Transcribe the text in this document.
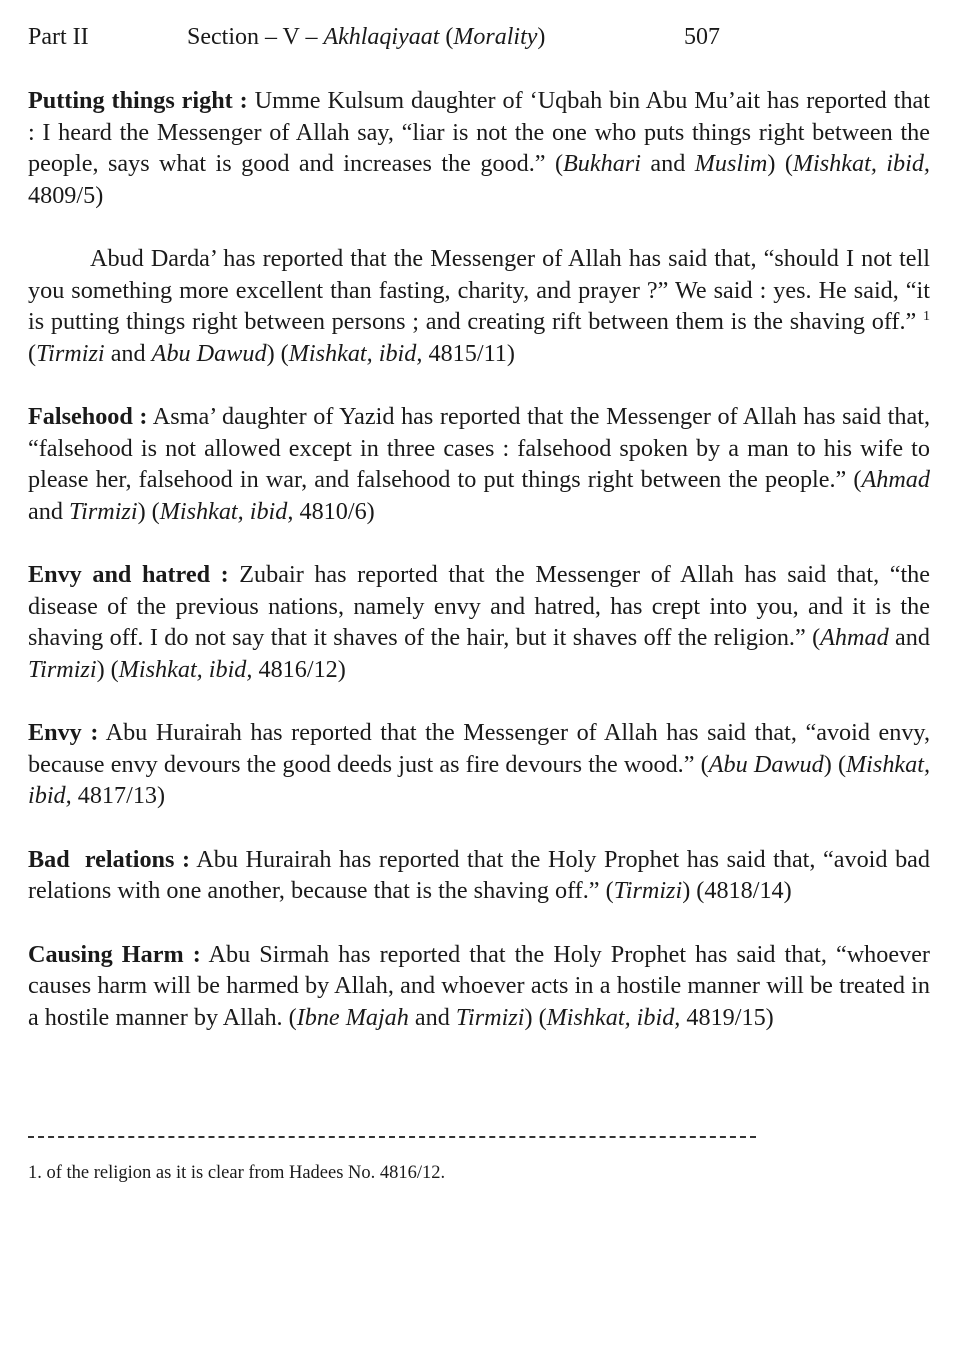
Part II	Section – V – Akhlaqiyaat (Morality)	507

Putting things right : Umme Kulsum daughter of ‘Uqbah bin Abu Mu’ait has reported that : I heard the Messenger of Allah say, “liar is not the one who puts things right between the people, says what is good and increases the good.” (Bukhari and Muslim) (Mishkat, ibid, 4809/5)

Abud Darda’ has reported that the Messenger of Allah has said that, “should I not tell you something more excellent than fasting, charity, and prayer ?” We said : yes. He said, “it is putting things right between persons ; and creating rift between them is the shaving off.” $^1$ (Tirmizi and Abu Dawud) (Mishkat, ibid, 4815/11)

Falsehood : Asma’ daughter of Yazid has reported that the Messenger of Allah has said that, “falsehood is not allowed except in three cases : falsehood spoken by a man to his wife to please her, falsehood in war, and falsehood to put things right between the people.” (Ahmad and Tirmizi) (Mishkat, ibid, 4810/6)

Envy and hatred : Zubair has reported that the Messenger of Allah has said that, “the disease of the previous nations, namely envy and hatred, has crept into you, and it is the shaving off. I do not say that it shaves of the hair, but it shaves off the religion.” (Ahmad and Tirmizi) (Mishkat, ibid, 4816/12)

Envy : Abu Hurairah has reported that the Messenger of Allah has said that, “avoid envy, because envy devours the good deeds just as fire devours the wood.” (Abu Dawud) (Mishkat, ibid, 4817/13)

Bad  relations : Abu Hurairah has reported that the Holy Prophet has said that, “avoid bad relations with one another, because that is the shaving off.” (Tirmizi) (4818/14)

Causing Harm : Abu Sirmah has reported that the Holy Prophet has said that, “whoever causes harm will be harmed by Allah, and whoever acts in a hostile manner will be treated in a hostile manner by Allah. (Ibne Majah and Tirmizi) (Mishkat, ibid, 4819/15)

1. of the religion as it is clear from Hadees No. 4816/12.
